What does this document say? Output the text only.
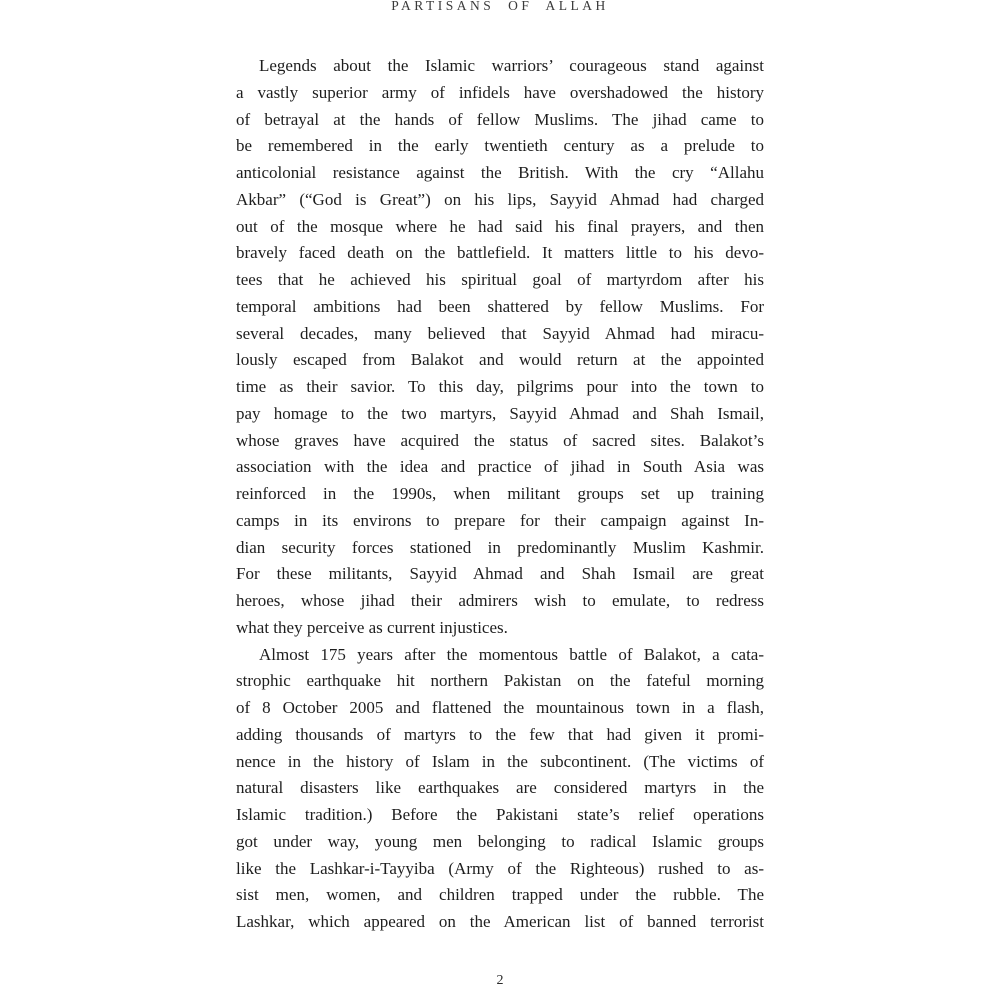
PARTISANS OF ALLAH
Legends about the Islamic warriors’ courageous stand against
a vastly superior army of infidels have overshadowed the history
of betrayal at the hands of fellow Muslims. The jihad came to
be remembered in the early twentieth century as a prelude to
anticolonial resistance against the British. With the cry “Allahu
Akbar” (“God is Great”) on his lips, Sayyid Ahmad had charged
out of the mosque where he had said his final prayers, and then
bravely faced death on the battlefield. It matters little to his devo-
tees that he achieved his spiritual goal of martyrdom after his
temporal ambitions had been shattered by fellow Muslims. For
several decades, many believed that Sayyid Ahmad had miracu-
lously escaped from Balakot and would return at the appointed
time as their savior. To this day, pilgrims pour into the town to
pay homage to the two martyrs, Sayyid Ahmad and Shah Ismail,
whose graves have acquired the status of sacred sites. Balakot’s
association with the idea and practice of jihad in South Asia was
reinforced in the 1990s, when militant groups set up training
camps in its environs to prepare for their campaign against In-
dian security forces stationed in predominantly Muslim Kashmir.
For these militants, Sayyid Ahmad and Shah Ismail are great
heroes, whose jihad their admirers wish to emulate, to redress
what they perceive as current injustices.
Almost 175 years after the momentous battle of Balakot, a cata-
strophic earthquake hit northern Pakistan on the fateful morning
of 8 October 2005 and flattened the mountainous town in a flash,
adding thousands of martyrs to the few that had given it promi-
nence in the history of Islam in the subcontinent. (The victims of
natural disasters like earthquakes are considered martyrs in the
Islamic tradition.) Before the Pakistani state’s relief operations
got under way, young men belonging to radical Islamic groups
like the Lashkar-i-Tayyiba (Army of the Righteous) rushed to as-
sist men, women, and children trapped under the rubble. The
Lashkar, which appeared on the American list of banned terrorist
2
